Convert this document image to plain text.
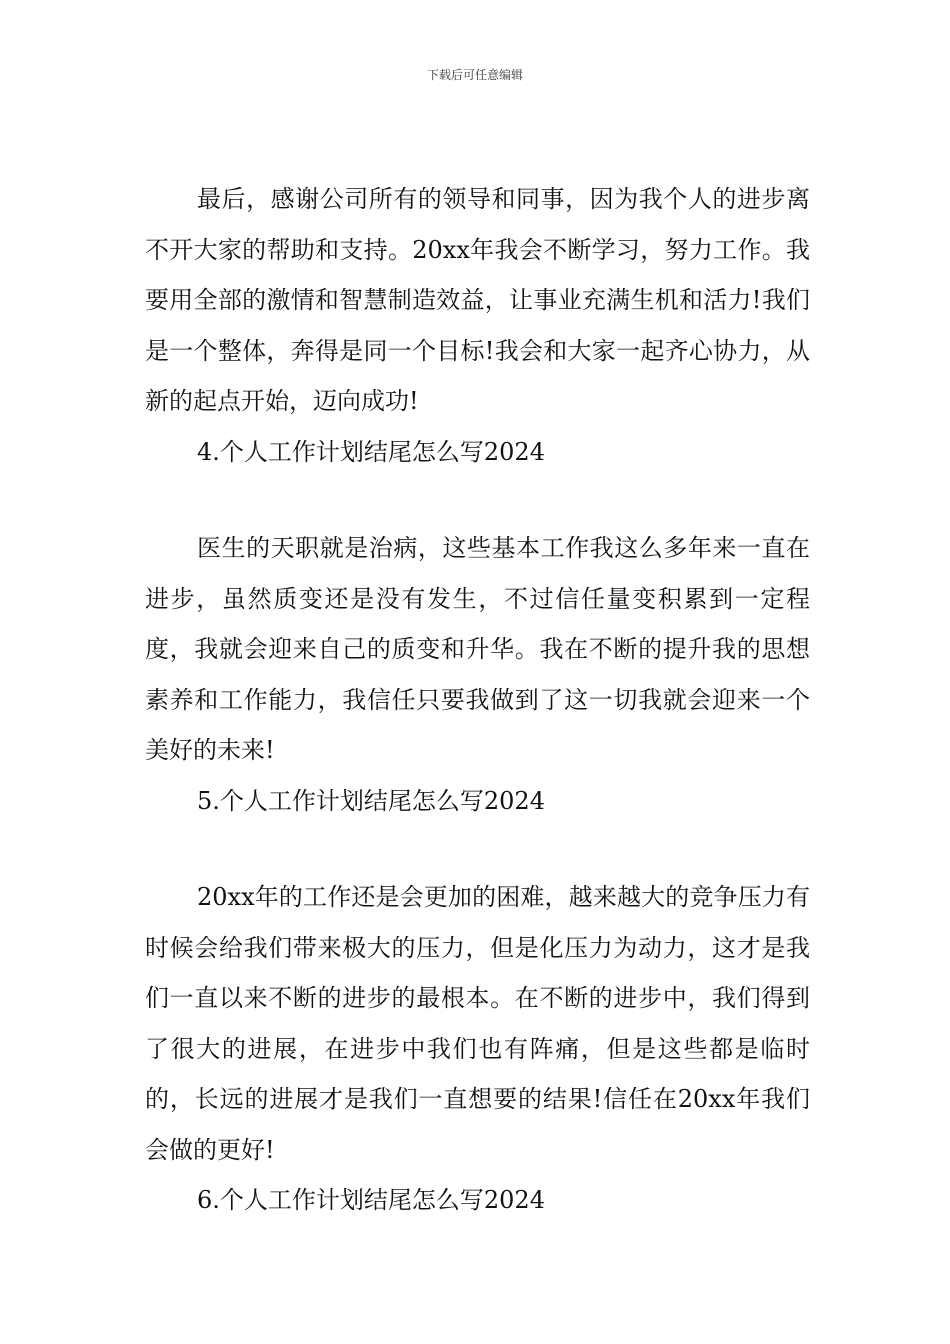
下载后可任意编辑

最后，感谢公司所有的领导和同事，因为我个人的进步离不开大家的帮助和支持。20xx年我会不断学习，努力工作。我要用全部的激情和智慧制造效益，让事业充满生机和活力!我们是一个整体，奔得是同一个目标!我会和大家一起齐心协力，从新的起点开始，迈向成功!

4.个人工作计划结尾怎么写2024

医生的天职就是治病，这些基本工作我这么多年来一直在进步，虽然质变还是没有发生，不过信任量变积累到一定程度，我就会迎来自己的质变和升华。我在不断的提升我的思想素养和工作能力，我信任只要我做到了这一切我就会迎来一个美好的未来!

5.个人工作计划结尾怎么写2024

20xx年的工作还是会更加的困难，越来越大的竞争压力有时候会给我们带来极大的压力，但是化压力为动力，这才是我们一直以来不断的进步的最根本。在不断的进步中，我们得到了很大的进展，在进步中我们也有阵痛，但是这些都是临时的，长远的进展才是我们一直想要的结果!信任在20xx年我们会做的更好!

6.个人工作计划结尾怎么写2024
